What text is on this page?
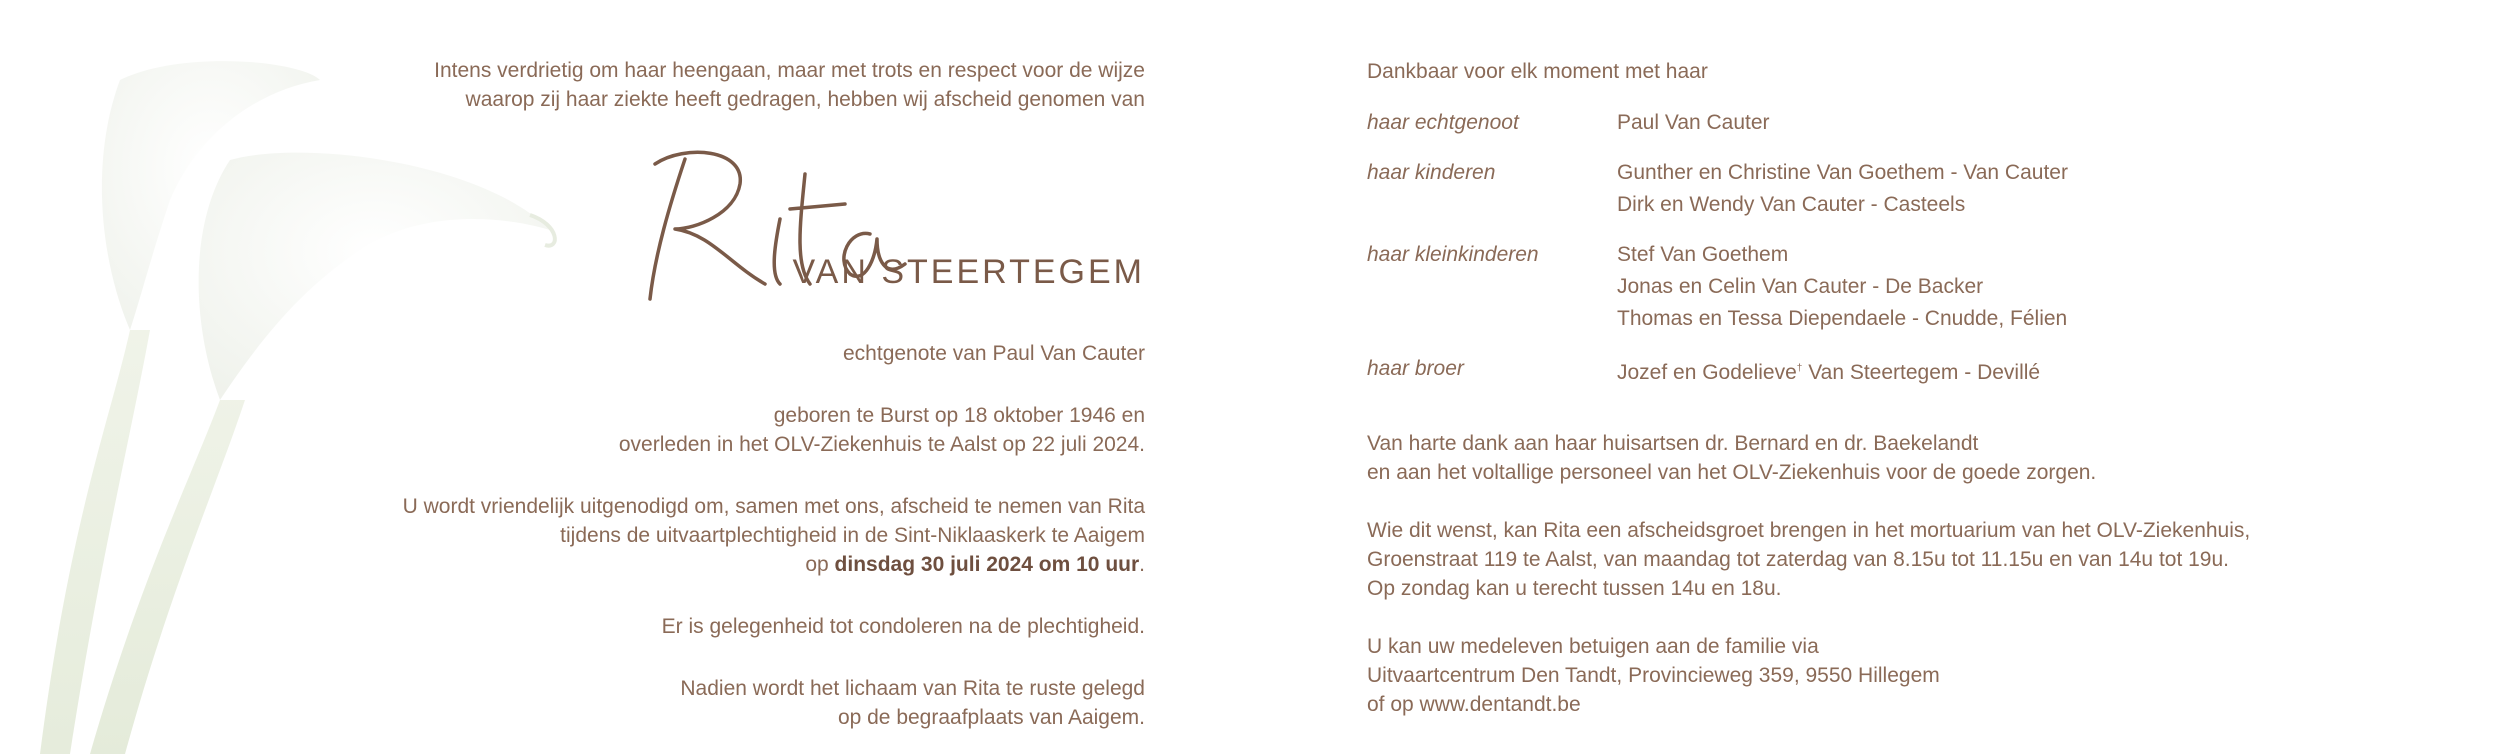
Intens verdrietig om haar heengaan, maar met trots en respect voor de wijze

waarop zij haar ziekte heeft gedragen, hebben wij afscheid genomen van

Rita
VAN STEERTEGEM

echtgenote van Paul Van Cauter

geboren te Burst op 18 oktober 1946 en

overleden in het OLV-Ziekenhuis te Aalst op 22 juli 2024.

U wordt vriendelijk uitgenodigd om, samen met ons, afscheid te nemen van Rita

tijdens de uitvaartplechtigheid in de Sint-Niklaaskerk te Aaigem

op dinsdag 30 juli 2024 om 10 uur.

Er is gelegenheid tot condoleren na de plechtigheid.

Nadien wordt het lichaam van Rita te ruste gelegd

op de begraafplaats van Aaigem.

Dankbaar voor elk moment met haar

haar echtgenoot	Paul Van Cauter
haar kinderen	Gunther en Christine Van Goethem - Van Cauter
Dirk en Wendy Van Cauter - Casteels
haar kleinkinderen	Stef Van Goethem
Jonas en Celin Van Cauter - De Backer
Thomas en Tessa Diependaele - Cnudde, Félien
haar broer	Jozef en Godelieve† Van Steertegem - Devillé

Van harte dank aan haar huisartsen dr. Bernard en dr. Baekelandt

en aan het voltallige personeel van het OLV-Ziekenhuis voor de goede zorgen.

Wie dit wenst, kan Rita een afscheidsgroet brengen in het mortuarium van het OLV-Ziekenhuis,

Groenstraat 119 te Aalst, van maandag tot zaterdag van 8.15u tot 11.15u en van 14u tot 19u.

Op zondag kan u terecht tussen 14u en 18u.

U kan uw medeleven betuigen aan de familie via

Uitvaartcentrum Den Tandt, Provincieweg 359, 9550 Hillegem

of op www.dentandt.be
